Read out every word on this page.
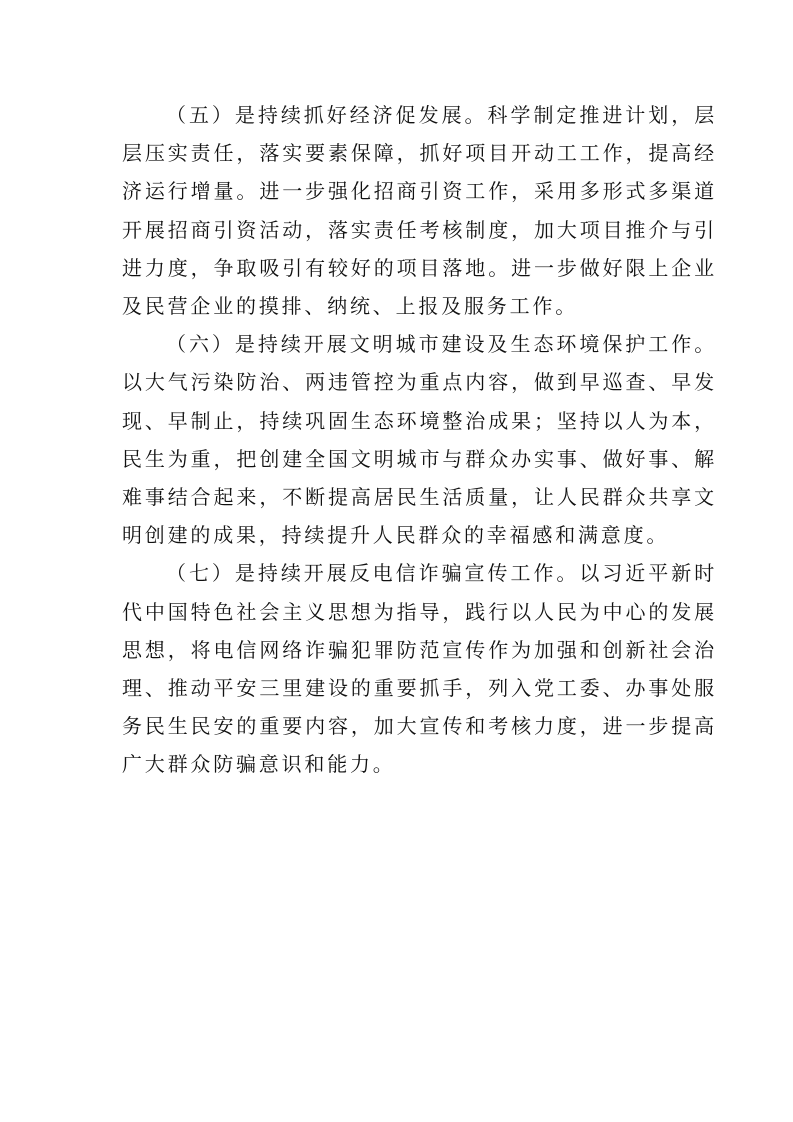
（五）是持续抓好经济促发展。科学制定推进计划，层层压实责任，落实要素保障，抓好项目开动工工作，提高经济运行增量。进一步强化招商引资工作，采用多形式多渠道开展招商引资活动，落实责任考核制度，加大项目推介与引进力度，争取吸引有较好的项目落地。进一步做好限上企业及民营企业的摸排、纳统、上报及服务工作。

（六）是持续开展文明城市建设及生态环境保护工作。以大气污染防治、两违管控为重点内容，做到早巡查、早发现、早制止，持续巩固生态环境整治成果；坚持以人为本，民生为重，把创建全国文明城市与群众办实事、做好事、解难事结合起来，不断提高居民生活质量，让人民群众共享文明创建的成果，持续提升人民群众的幸福感和满意度。

（七）是持续开展反电信诈骗宣传工作。以习近平新时代中国特色社会主义思想为指导，践行以人民为中心的发展思想，将电信网络诈骗犯罪防范宣传作为加强和创新社会治理、推动平安三里建设的重要抓手，列入党工委、办事处服务民生民安的重要内容，加大宣传和考核力度，进一步提高广大群众防骗意识和能力。
